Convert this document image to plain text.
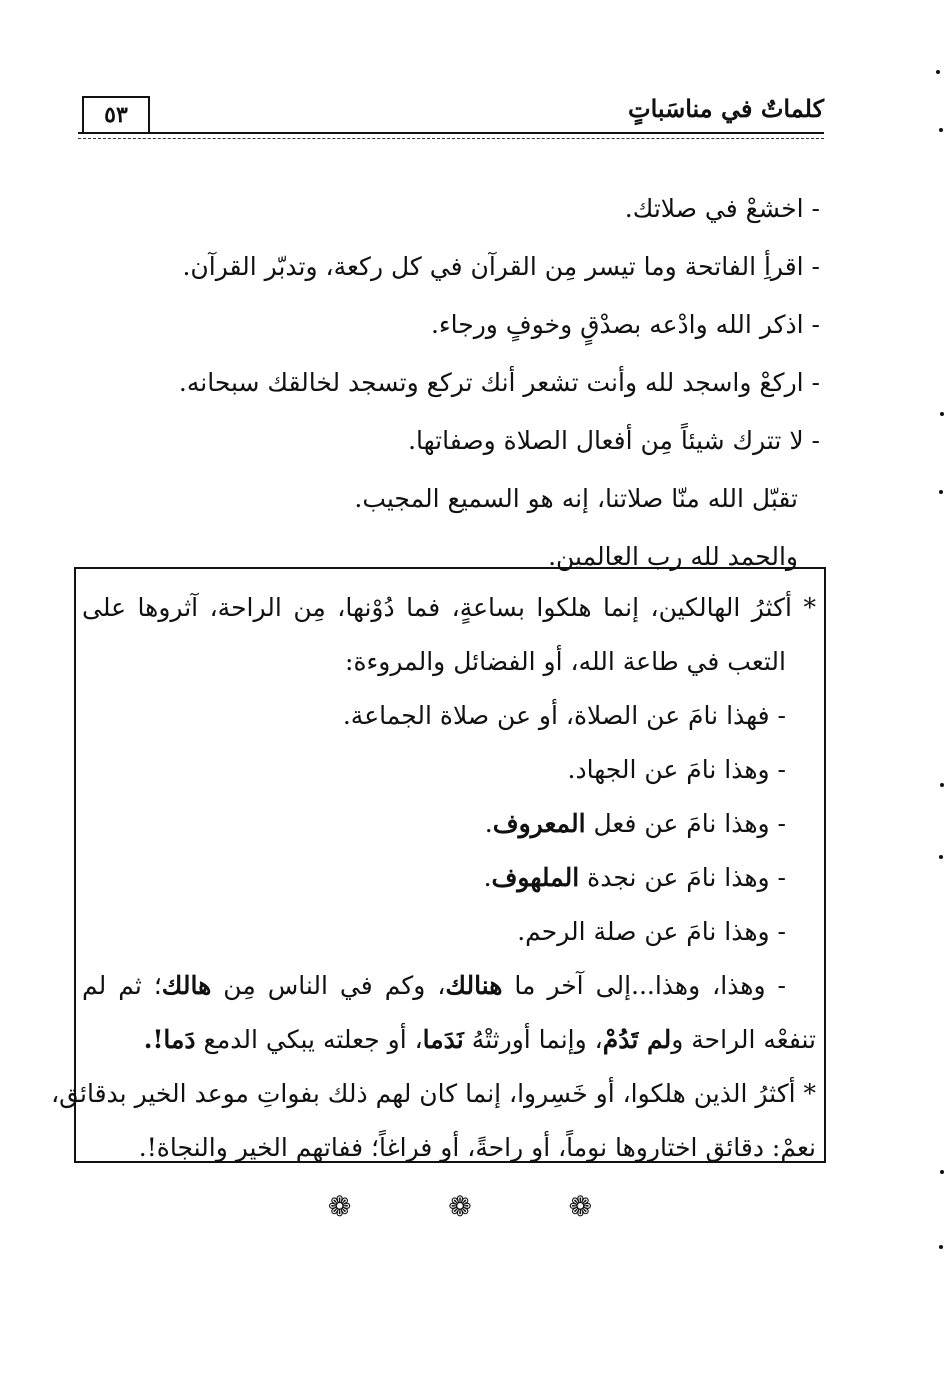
٥٣	كلماتٌ في مناسَباتٍ
- اخشعْ في صلاتك.
- اقرأِ الفاتحة وما تيسر مِن القرآن في كل ركعة، وتدبّر القرآن.
- اذكر الله وادْعه بصدْقٍ وخوفٍ ورجاء.
- اركعْ واسجد لله وأنت تشعر أنك تركع وتسجد لخالقك سبحانه.
- لا تترك شيئاً مِن أفعال الصلاة وصفاتها.
تقبّل الله منّا صلاتنا، إنه هو السميع المجيب.
والحمد لله رب العالمين.
* أكثرُ الهالكين، إنما هلكوا بساعةٍ، فما دُوْنها، مِن الراحة، آثروها على
التعب في طاعة الله، أو الفضائل والمروءة:
- فهذا نامَ عن الصلاة، أو عن صلاة الجماعة.
- وهذا نامَ عن الجهاد.
- وهذا نامَ عن فعل المعروف.
- وهذا نامَ عن نجدة الملهوف.
- وهذا نامَ عن صلة الرحم.
- وهذا، وهذا...إلى آخر ما هنالك، وكم في الناس مِن هالك؛ ثم لم
تنفعْه الراحة ولم تَدُمْ، وإنما أورثتْهُ نَدَما، أو جعلته يبكي الدمع دَما!.
* أكثرُ الذين هلكوا، أو خَسِروا، إنما كان لهم ذلك بفواتِ موعد الخير بدقائق،
نعمْ: دقائق اختاروها نوماً، أو راحةً، أو فراغاً؛ ففاتهم الخير والنجاة!.
❁ ❁ ❁
